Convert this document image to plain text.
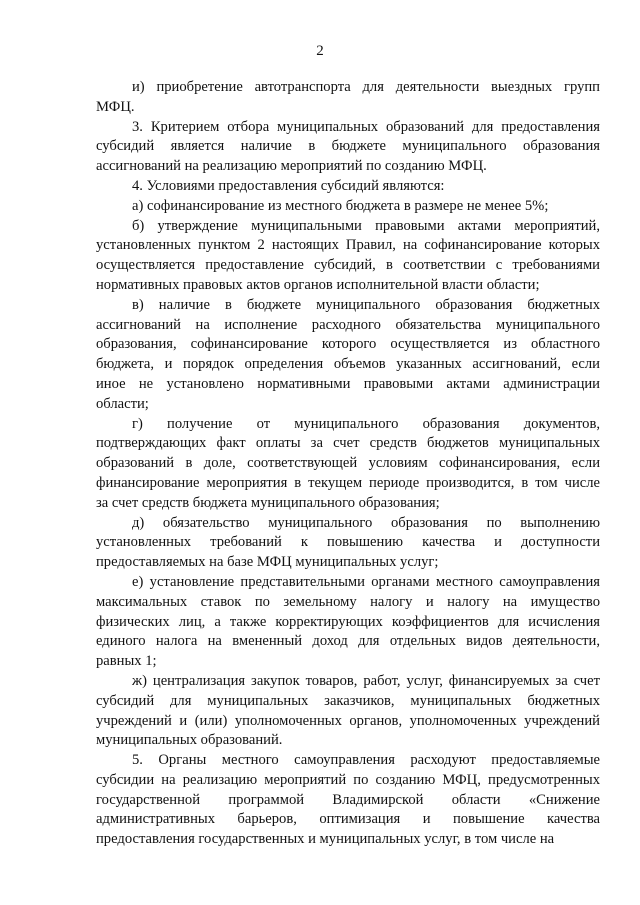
2
и) приобретение автотранспорта для деятельности выездных групп
МФЦ.
3. Критерием отбора муниципальных образований для предоставления
субсидий является наличие в бюджете муниципального образования
ассигнований на реализацию мероприятий по созданию МФЦ.
4. Условиями предоставления субсидий являются:
а) софинансирование из местного бюджета в размере не менее 5%;
б) утверждение муниципальными правовыми актами мероприятий,
установленных пунктом 2 настоящих Правил, на софинансирование которых
осуществляется предоставление субсидий, в соответствии с требованиями
нормативных правовых актов органов исполнительной власти области;
в) наличие в бюджете муниципального образования бюджетных
ассигнований на исполнение расходного обязательства муниципального
образования, софинансирование которого осуществляется из областного
бюджета, и порядок определения объемов указанных ассигнований, если
иное не установлено нормативными правовыми актами администрации
области;
г) получение от муниципального образования документов,
подтверждающих факт оплаты за счет средств бюджетов муниципальных
образований в доле, соответствующей условиям софинансирования, если
финансирование мероприятия в текущем периоде производится, в том числе
за счет средств бюджета муниципального образования;
д) обязательство муниципального образования по выполнению
установленных требований к повышению качества и доступности
предоставляемых на базе МФЦ муниципальных услуг;
е) установление представительными органами местного самоуправления
максимальных ставок по земельному налогу и налогу на имущество
физических лиц, а также корректирующих коэффициентов для исчисления
единого налога на вмененный доход для отдельных видов деятельности,
равных 1;
ж) централизация закупок товаров, работ, услуг, финансируемых за счет
субсидий для муниципальных заказчиков, муниципальных бюджетных
учреждений и (или) уполномоченных органов, уполномоченных учреждений
муниципальных образований.
5. Органы местного самоуправления расходуют предоставляемые
субсидии на реализацию мероприятий по созданию МФЦ, предусмотренных
государственной программой Владимирской области «Снижение
административных барьеров, оптимизация и повышение качества
предоставления государственных и муниципальных услуг, в том числе на
